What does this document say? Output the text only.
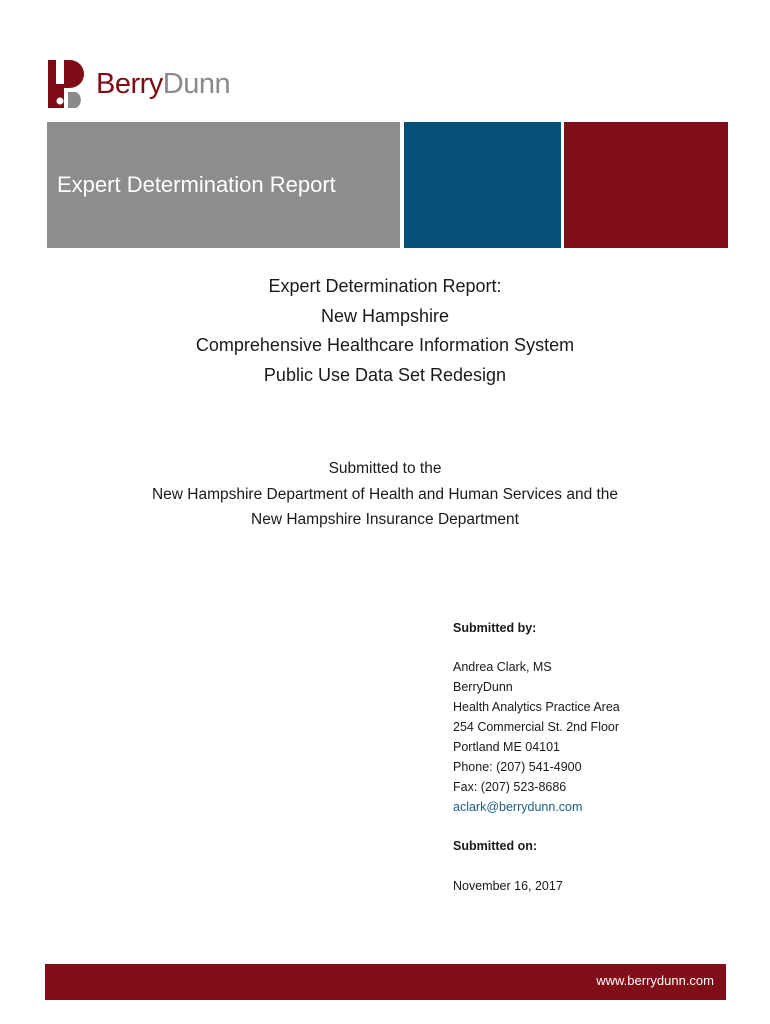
BerryDunn
Expert Determination Report
Expert Determination Report:
New Hampshire
Comprehensive Healthcare Information System
Public Use Data Set Redesign
Submitted to the
New Hampshire Department of Health and Human Services and the
New Hampshire Insurance Department
Submitted by:
Andrea Clark, MS
BerryDunn
Health Analytics Practice Area
254 Commercial St. 2nd Floor
Portland ME 04101
Phone: (207) 541-4900
Fax: (207) 523-8686
aclark@berrydunn.com
Submitted on:
November 16, 2017
www.berrydunn.com
